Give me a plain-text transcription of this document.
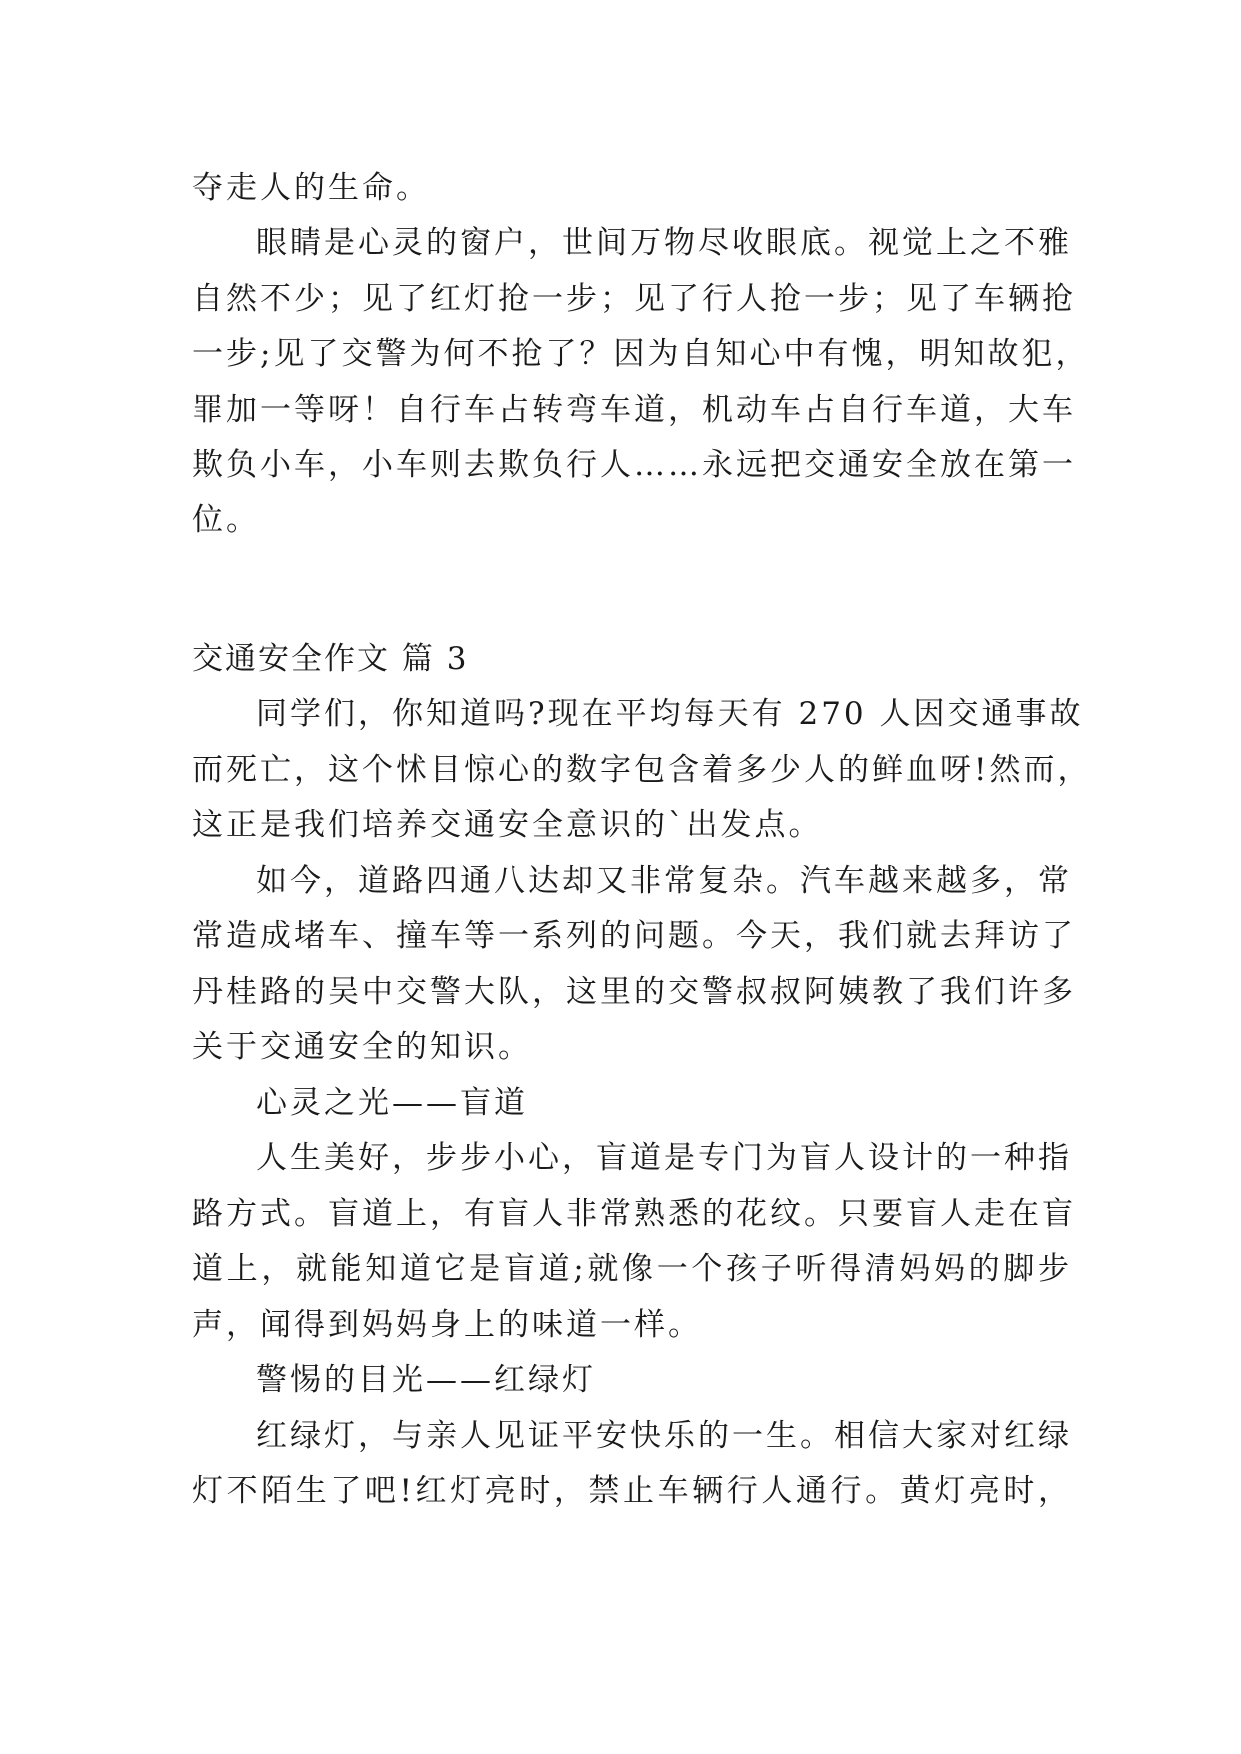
夺走人的生命。
眼睛是心灵的窗户，世间万物尽收眼底。视觉上之不雅
自然不少；见了红灯抢一步；见了行人抢一步；见了车辆抢
一步;见了交警为何不抢了？因为自知心中有愧，明知故犯，
罪加一等呀！自行车占转弯车道，机动车占自行车道，大车
欺负小车，小车则去欺负行人……永远把交通安全放在第一
位。
交通安全作文 篇 3
同学们，你知道吗?现在平均每天有 270 人因交通事故
而死亡，这个怵目惊心的数字包含着多少人的鲜血呀!然而，
这正是我们培养交通安全意识的`出发点。
如今，道路四通八达却又非常复杂。汽车越来越多，常
常造成堵车、撞车等一系列的问题。今天，我们就去拜访了
丹桂路的吴中交警大队，这里的交警叔叔阿姨教了我们许多
关于交通安全的知识。
心灵之光——盲道
人生美好，步步小心，盲道是专门为盲人设计的一种指
路方式。盲道上，有盲人非常熟悉的花纹。只要盲人走在盲
道上，就能知道它是盲道;就像一个孩子听得清妈妈的脚步
声，闻得到妈妈身上的味道一样。
警惕的目光——红绿灯
红绿灯，与亲人见证平安快乐的一生。相信大家对红绿
灯不陌生了吧!红灯亮时，禁止车辆行人通行。黄灯亮时，
